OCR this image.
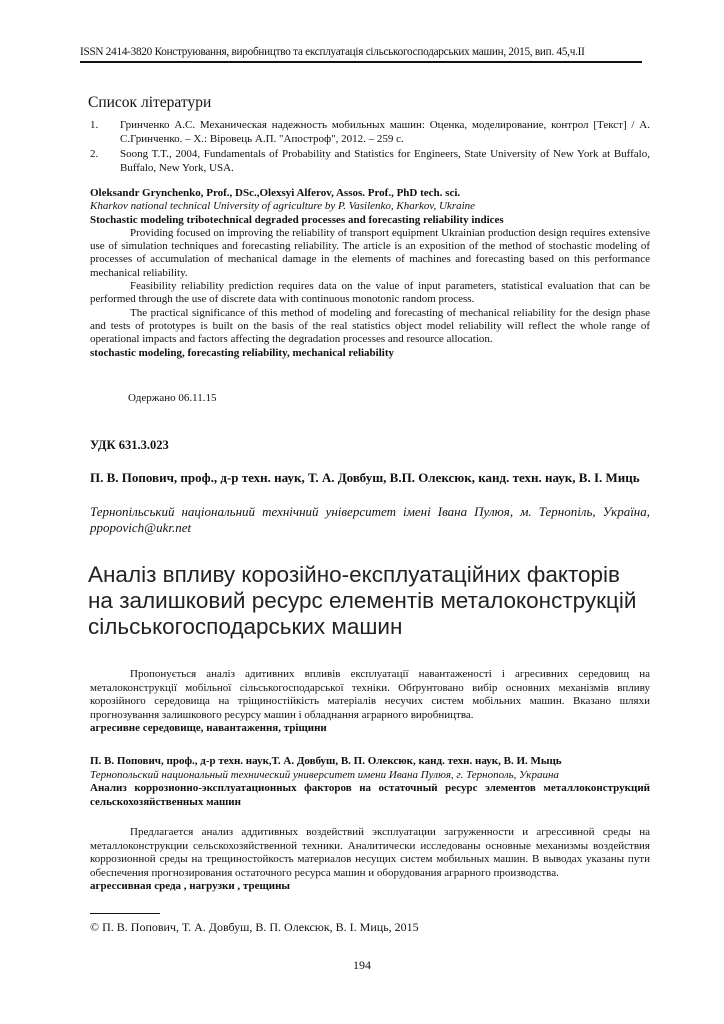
ISSN 2414-3820 Конструювання, виробництво та експлуатація сільськогосподарських машин, 2015, вип. 45,ч.ІІ
Список літератури
1.	Гринченко А.С. Механическая надежность мобильных машин: Оценка, моделирование, контрол [Текст] / А. С.Гринченко. – Х.: Віровець А.П. "Апостроф", 2012. – 259 с.
2.	Soong T.T., 2004, Fundamentals of Probability and Statistics for Engineers, State University of New York at Buffalo, Buffalo, New York, USA.
Oleksandr Grynchenko, Prof., DSc.,Olexsyi Alferov, Assos. Prof., PhD tech. sci.
Kharkov national technical University of agriculture by P. Vasilenko, Kharkov, Ukraine
Stochastic modeling tribotechnical degraded processes and forecasting reliability indices
Providing focused on improving the reliability of transport equipment Ukrainian production design requires extensive use of simulation techniques and forecasting reliability. The article is an exposition of the method of stochastic modeling of processes of accumulation of mechanical damage in the elements of machines and forecasting based on this performance mechanical reliability.
Feasibility reliability prediction requires data on the value of input parameters, statistical evaluation that can be performed through the use of discrete data with continuous monotonic random process.
The practical significance of this method of modeling and forecasting of mechanical reliability for the design phase and tests of prototypes is built on the basis of the real statistics object model reliability will reflect the whole range of operational impacts and factors affecting the degradation processes and resource allocation.
stochastic modeling, forecasting reliability, mechanical reliability
Одержано 06.11.15
УДК 631.3.023
П. В. Попович, проф., д-р техн. наук, Т. А. Довбуш, В.П. Олексюк, канд. техн. наук, В. І. Миць
Тернопільський національний технічний університет імені Івана Пулюя, м. Тернопіль, Україна, ppopovich@ukr.net
Аналіз впливу корозійно-експлуатаційних факторів на залишковий ресурс елементів металоконструкцій сільськогосподарських машин
Пропонується аналіз адитивних впливів експлуатації навантаженості і агресивних середовищ на металоконструкції мобільної сільськогосподарської техніки. Обґрунтовано вибір основних механізмів впливу корозійного середовища на тріщиностійкість матеріалів несучих систем мобільних машин. Вказано шляхи прогнозування залишкового ресурсу машин і обладнання аграрного виробництва.
агресивне середовище, навантаження, тріщини
П. В. Попович, проф., д-р техн. наук,Т. А. Довбуш, В. П. Олексюк, канд. техн. наук, В. И. Мыць
Тернопольский национальный технический университет имени Ивана Пулюя, г. Тернополь, Украина
Анализ коррозионно-эксплуатационных факторов на остаточный ресурс элементов металлоконструкций сельскохозяйственных машин
Предлагается анализ аддитивных воздействий эксплуатации загруженности и агрессивной среды на металлоконструкции сельскохозяйственной техники. Аналитически исследованы основные механизмы воздействия коррозионной среды на трещиностойкость материалов несущих систем мобильных машин. В выводах указаны пути обеспечения прогнозирования остаточного ресурса машин и оборудования аграрного производства.
агрессивная среда , нагрузки , трещины
© П. В. Попович, Т. А. Довбуш, В. П. Олексюк, В. І. Миць, 2015
194
